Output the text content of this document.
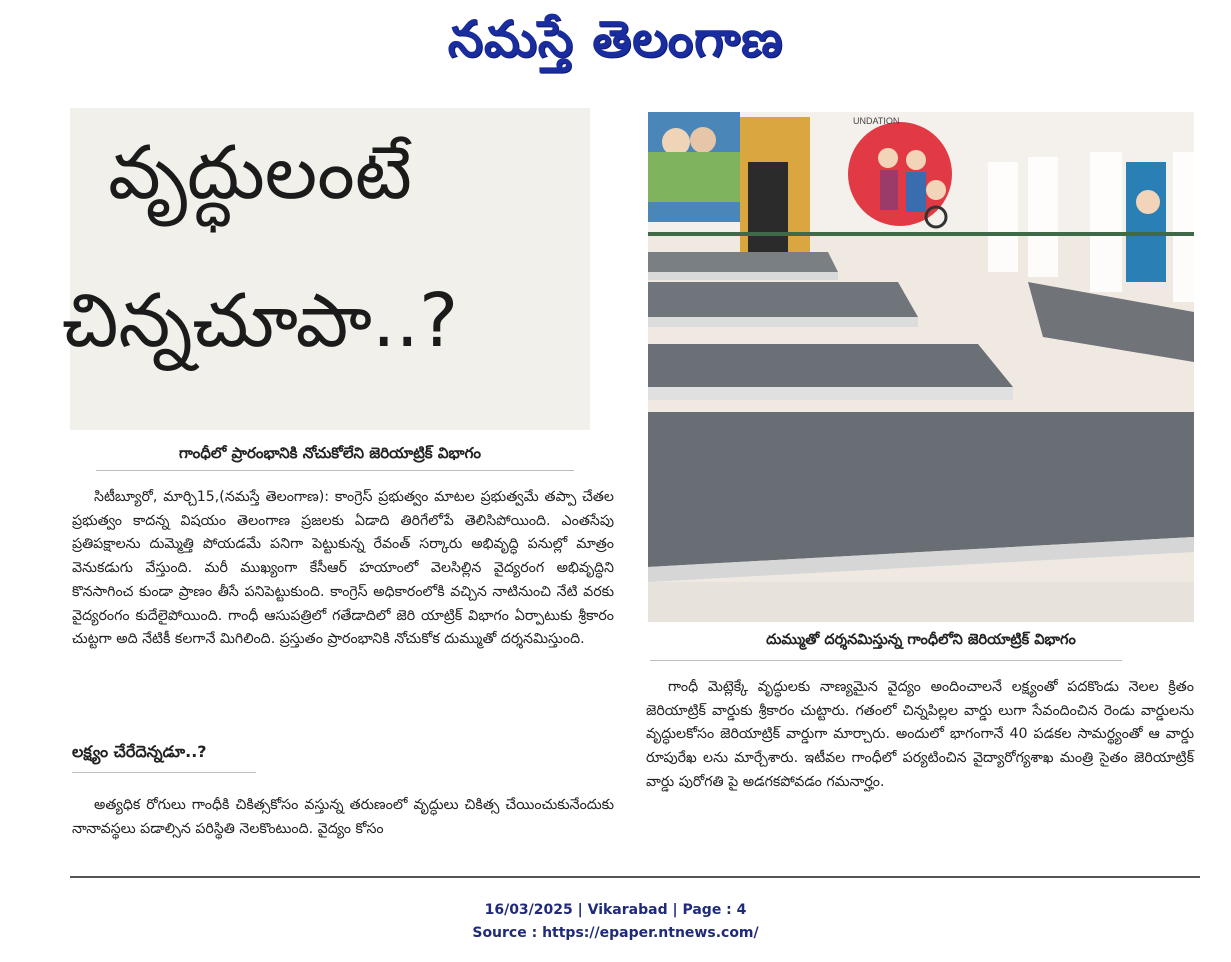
నమస్తే తెలంగాణ
వృద్ధులంటే
చిన్నచూపా..?
గాంధీలో ప్రారంభానికి నోచుకోలేని జెరియాట్రిక్‌ విభాగం

సిటీబ్యూరో, మార్చి15,(నమస్తే తెలంగాణ): కాంగ్రెస్‌ ప్రభుత్వం మాటల ప్రభుత్వమే తప్పా చేతల ప్రభుత్వం కాదన్న విషయం తెలంగాణ ప్రజలకు ఏడాది తిరిగేలోపే తెలిసిపోయింది. ఎంతసేపు ప్రతిపక్షాలను దుమ్మెత్తి పోయడమే పనిగా పెట్టుకున్న రేవంత్‌ సర్కారు అభివృద్ధి పనుల్లో మాత్రం వెనుకడుగు వేస్తుంది. మరీ ముఖ్యంగా కేసీఆర్‌ హయాంలో వెలసిల్లిన వైద్యరంగ అభివృద్ధిని కొనసాగించ కుండా ప్రాణం తీసే పనిపెట్టుకుంది. కాంగ్రెస్‌ అధికారంలోకి వచ్చిన నాటినుంచి నేటి వరకు వైద్యరంగం కుదేలైపోయింది. గాంధీ ఆసుపత్రిలో గతేడాదిలో జెరి యాట్రిక్‌ విభాగం ఏర్పాటుకు శ్రీకారం చుట్టగా అది నేటికీ కలగానే మిగిలింది. ప్రస్తుతం ప్రారంభానికి నోచుకోక దుమ్ముతో దర్శనమిస్తుంది.

లక్ష్యం చేరేదెన్నడూ..?

అత్యధిక రోగులు గాంధీకి చికిత్సకోసం వస్తున్న తరుణంలో వృద్ధులు చికిత్స చేయించుకునేందుకు నానావస్థలు పడాల్సిన పరిస్థితి నెలకొంటుంది. వైద్యం కోసం

UNDATION
దుమ్ముతో దర్శనమిస్తున్న గాంధీలోని జెరియాట్రిక్‌ విభాగం

గాంధీ మెట్లెక్కే వృద్ధులకు నాణ్యమైన వైద్యం అందించాలనే లక్ష్యంతో పదకొండు నెలల క్రితం జెరియాట్రిక్‌ వార్డుకు శ్రీకారం చుట్టారు. గతంలో చిన్నపిల్లల వార్డు లుగా సేవందించిన రెండు వార్డులను వృద్ధులకోసం జెరియాట్రిక్‌ వార్డుగా మార్చారు. అందులో భాగంగానే 40 పడకల సామర్థ్యంతో ఆ వార్డు రూపురేఖ లను మార్చేశారు. ఇటీవల గాంధీలో పర్యటించిన వైద్యారోగ్యశాఖ మంత్రి సైతం జెరియాట్రిక్‌ వార్డు పురోగతి పై అడగకపోవడం గమనార్హం.

16/03/2025 | Vikarabad | Page : 4
Source : https://epaper.ntnews.com/
